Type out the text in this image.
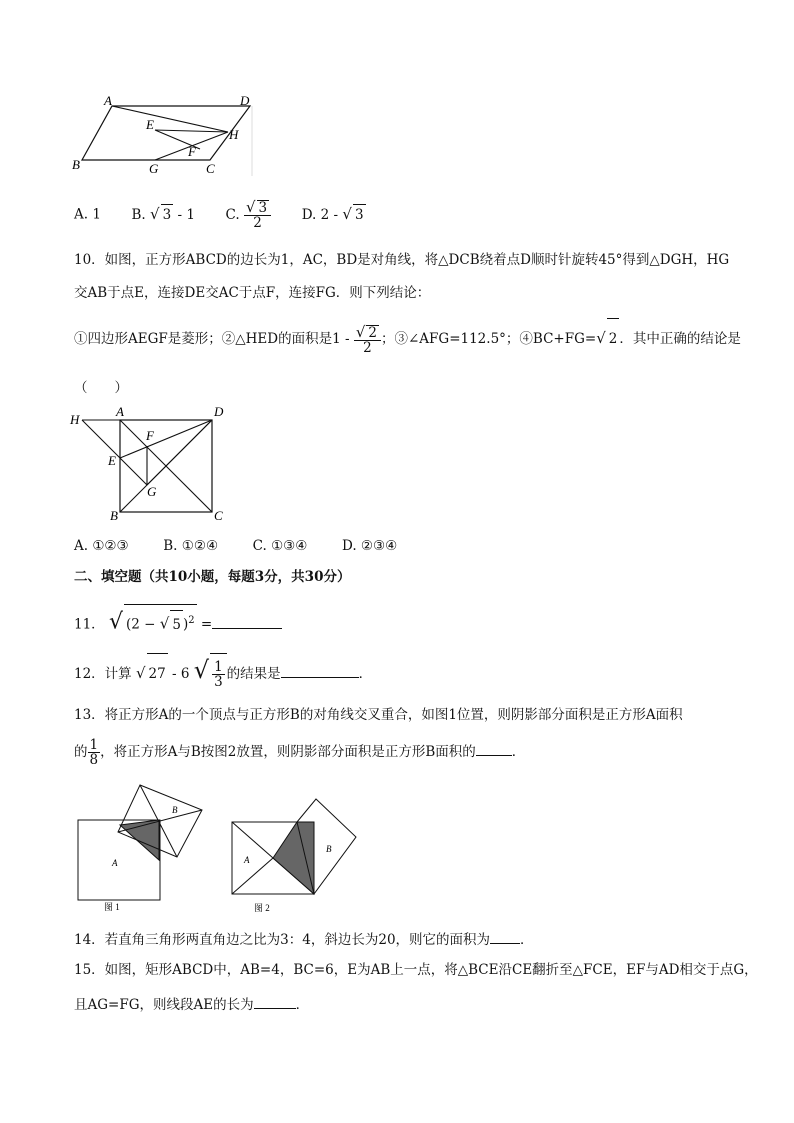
A	D
E
H
F
B	G	C
A. 1 B. √ 3 - 1 C. $\frac{√ 3}{2} D$. 2 - √ 3
10．如图，正方形ABCD的边长为1，AC，BD是对角线，将△DCB绕着点D顺时针旋转45°得到△DGH，HG
交AB于点E，连接DE交AC于点F，连接FG．则下列结论：
①四边形AEGF是菱形；②△HED的面积是$1 - \frac{√ 2}{2}$ ；③∠AFG=112.5°；④BC+FG=√ 2 ．其中正确的结论是
（　　）
H
A	D
F
E
G
B	C
A. ①②③	B. ①②④	C. ①③④	D. ②③④
二、填空题（共10小题，每题3分，共30分）
11． √ (2 − √ 5 )$^2$ =
12．计算 √ 27 - 6 √ $\frac{1}{3}$ 的结果是	．
13．将正方形A的一个顶点与正方形B的对角线交叉重合，如图1位置，则阴影部分面积是正方形A面积
的 $\frac{1}{8}$ ，将正方形A与B按图2放置，则阴影部分面积是正方形B面积的	．
B
A
图 1
A
B
图 2
14．若直角三角形两直角边之比为3：4，斜边长为20，则它的面积为 ．
15．如图，矩形ABCD中，AB=4，BC=6，E为AB上一点，将△BCE沿CE翻折至△FCE，EF与AD相交于点G，
且AG=FG，则线段AE的长为	．
